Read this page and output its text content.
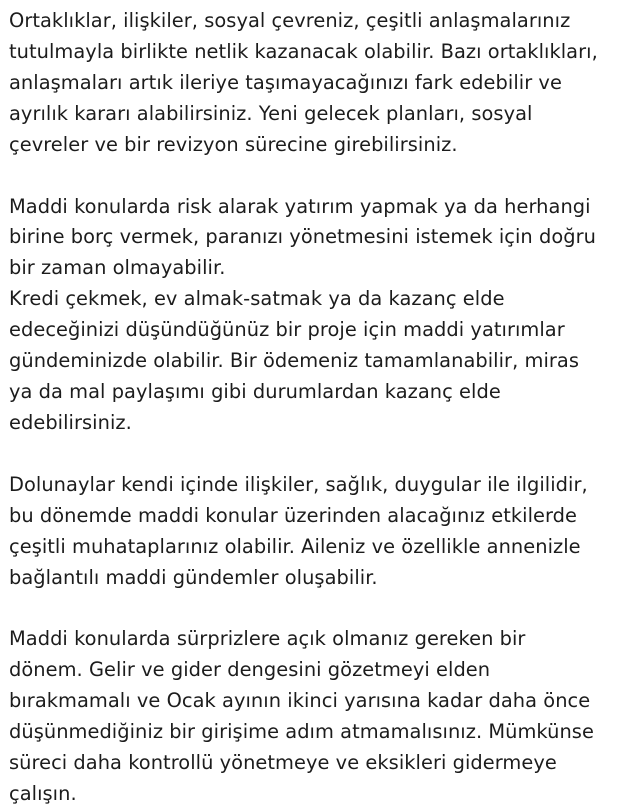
Ortaklıklar, ilişkiler, sosyal çevreniz, çeşitli anlaşmalarınız
tutulmayla birlikte netlik kazanacak olabilir. Bazı ortaklıkları,
anlaşmaları artık ileriye taşımayacağınızı fark edebilir ve
ayrılık kararı alabilirsiniz. Yeni gelecek planları, sosyal
çevreler ve bir revizyon sürecine girebilirsiniz.

Maddi konularda risk alarak yatırım yapmak ya da herhangi
birine borç vermek, paranızı yönetmesini istemek için doğru
bir zaman olmayabilir.
Kredi çekmek, ev almak-satmak ya da kazanç elde
edeceğinizi düşündüğünüz bir proje için maddi yatırımlar
gündeminizde olabilir. Bir ödemeniz tamamlanabilir, miras
ya da mal paylaşımı gibi durumlardan kazanç elde
edebilirsiniz.

Dolunaylar kendi içinde ilişkiler, sağlık, duygular ile ilgilidir,
bu dönemde maddi konular üzerinden alacağınız etkilerde
çeşitli muhataplarınız olabilir. Aileniz ve özellikle annenizle
bağlantılı maddi gündemler oluşabilir.

Maddi konularda sürprizlere açık olmanız gereken bir
dönem. Gelir ve gider dengesini gözetmeyi elden
bırakmamalı ve Ocak ayının ikinci yarısına kadar daha önce
düşünmediğiniz bir girişime adım atmamalısınız. Mümkünse
süreci daha kontrollü yönetmeye ve eksikleri gidermeye
çalışın.
